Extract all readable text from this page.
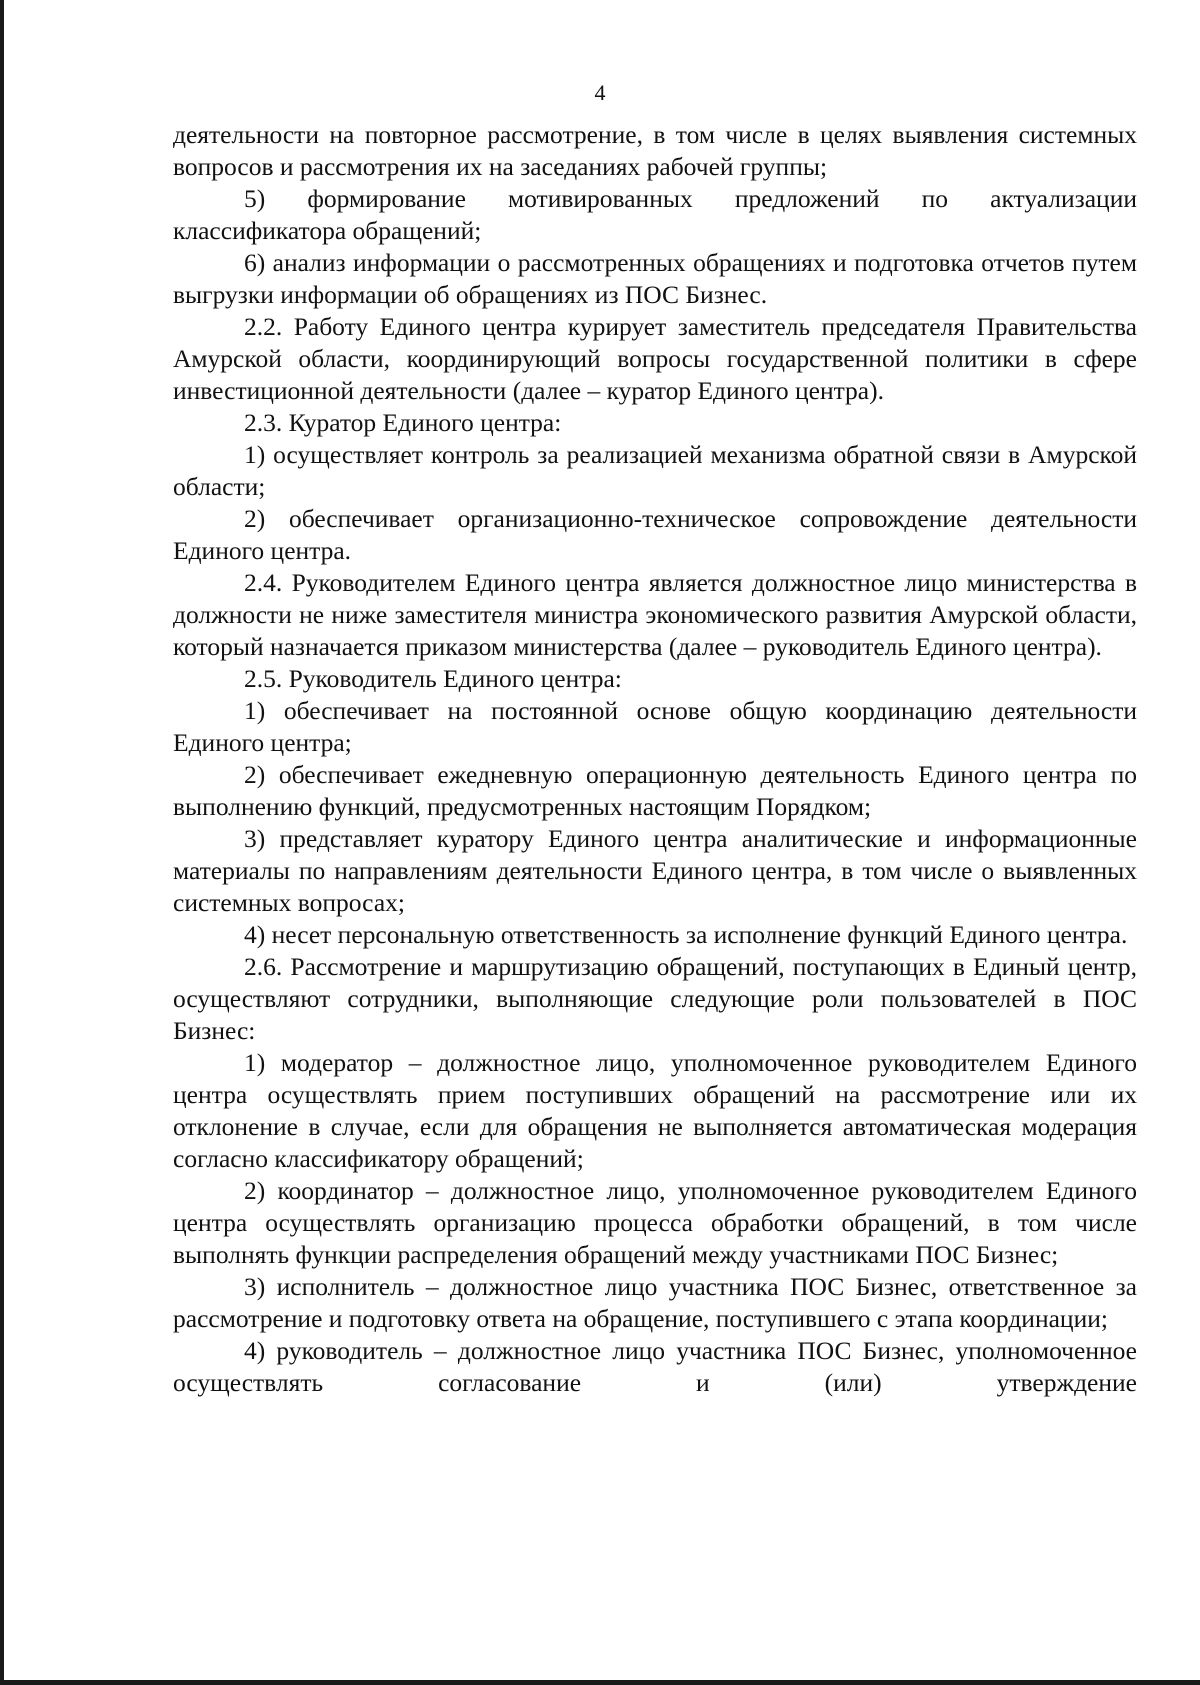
4

деятельности на повторное рассмотрение, в том числе в целях выявления системных вопросов и рассмотрения их на заседаниях рабочей группы;

5) формирование мотивированных предложений по актуализации классификатора обращений;

6) анализ информации о рассмотренных обращениях и подготовка отчетов путем выгрузки информации об обращениях из ПОС Бизнес.

2.2. Работу Единого центра курирует заместитель председателя Правительства Амурской области, координирующий вопросы государственной политики в сфере инвестиционной деятельности (далее – куратор Единого центра).

2.3. Куратор Единого центра:

1) осуществляет контроль за реализацией механизма обратной связи в Амурской области;

2) обеспечивает организационно-техническое сопровождение деятельности Единого центра.

2.4. Руководителем Единого центра является должностное лицо министерства в должности не ниже заместителя министра экономического развития Амурской области, который назначается приказом министерства (далее – руководитель Единого центра).

2.5. Руководитель Единого центра:

1) обеспечивает на постоянной основе общую координацию деятельности Единого центра;

2) обеспечивает ежедневную операционную деятельность Единого центра по выполнению функций, предусмотренных настоящим Порядком;

3) представляет куратору Единого центра аналитические и информационные материалы по направлениям деятельности Единого центра, в том числе о выявленных системных вопросах;

4) несет персональную ответственность за исполнение функций Единого центра.

2.6. Рассмотрение и маршрутизацию обращений, поступающих в Единый центр, осуществляют сотрудники, выполняющие следующие роли пользователей в ПОС Бизнес:

1) модератор – должностное лицо, уполномоченное руководителем Единого центра осуществлять прием поступивших обращений на рассмотрение или их отклонение в случае, если для обращения не выполняется автоматическая модерация согласно классификатору обращений;

2) координатор – должностное лицо, уполномоченное руководителем Единого центра осуществлять организацию процесса обработки обращений, в том числе выполнять функции распределения обращений между участниками ПОС Бизнес;

3) исполнитель – должностное лицо участника ПОС Бизнес, ответственное за рассмотрение и подготовку ответа на обращение, поступившего с этапа координации;

4) руководитель – должностное лицо участника ПОС Бизнес, уполномоченное осуществлять согласование и (или) утверждение
